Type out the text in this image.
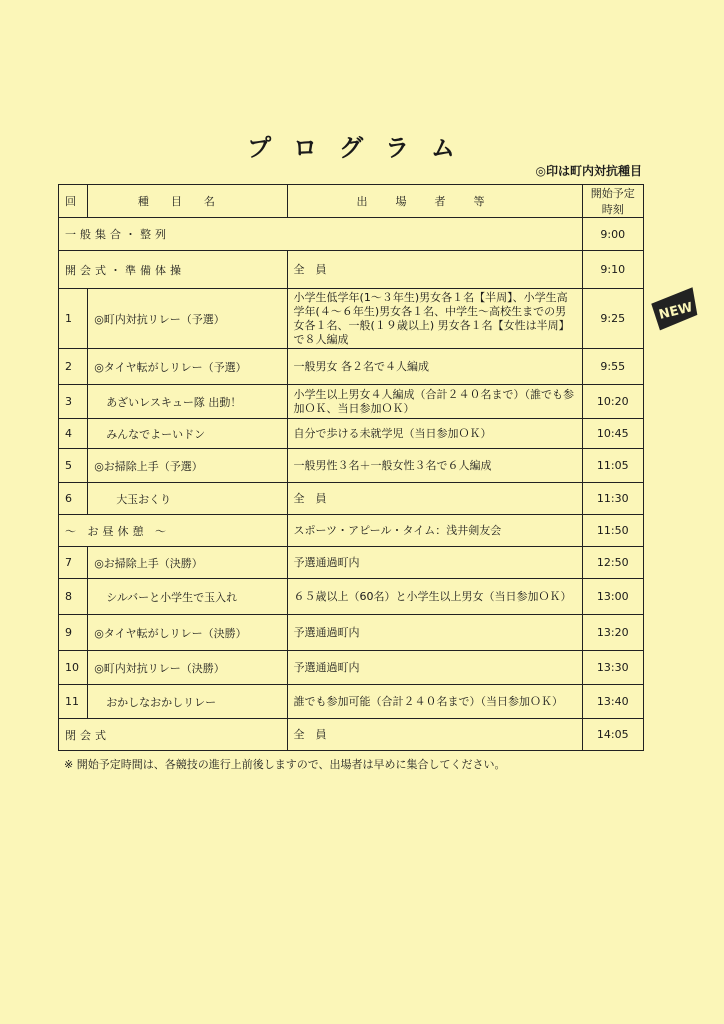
プログラム
◎印は町内対抗種目
回	種目名	出場者等	開始予定時刻
一般集合・整列			9:00
開会式・準備体操		全　員	9:10
1	◎町内対抗リレー（予選）	小学生低学年(1〜３年生)男女各１名【半周】、小学生高学年(４〜６年生)男女各１名、中学生〜高校生までの男女各１名、一般(１９歳以上) 男女各１名【女性は半周】で８人編成	9:25
2	◎タイヤ転がしリレー（予選）	一般男女 各２名で４人編成	9:55
3	あざいレスキュー隊 出動！	小学生以上男女４人編成（合計２４０名まで）（誰でも参加ＯＫ、当日参加ＯＫ）	10:20
4	みんなでよーいドン	自分で歩ける未就学児（当日参加ＯＫ）	10:45
5	◎お掃除上手（予選）	一般男性３名＋一般女性３名で６人編成	11:05
6	大玉おくり	全　員	11:30
〜 お昼休憩 〜		スポーツ・アピール・タイム：浅井剣友会	11:50
7	◎お掃除上手（決勝）	予選通過町内	12:50
8	シルバーと小学生で玉入れ	６５歳以上（60名）と小学生以上男女（当日参加ＯＫ）	13:00
9	◎タイヤ転がしリレー（決勝）	予選通過町内	13:20
10	◎町内対抗リレー（決勝）	予選通過町内	13:30
11	おかしなおかしリレー	誰でも参加可能（合計２４０名まで）（当日参加ＯＫ）	13:40
閉会式		全　員	14:05
NEW
※ 開始予定時間は、各競技の進行上前後しますので、出場者は早めに集合してください。
